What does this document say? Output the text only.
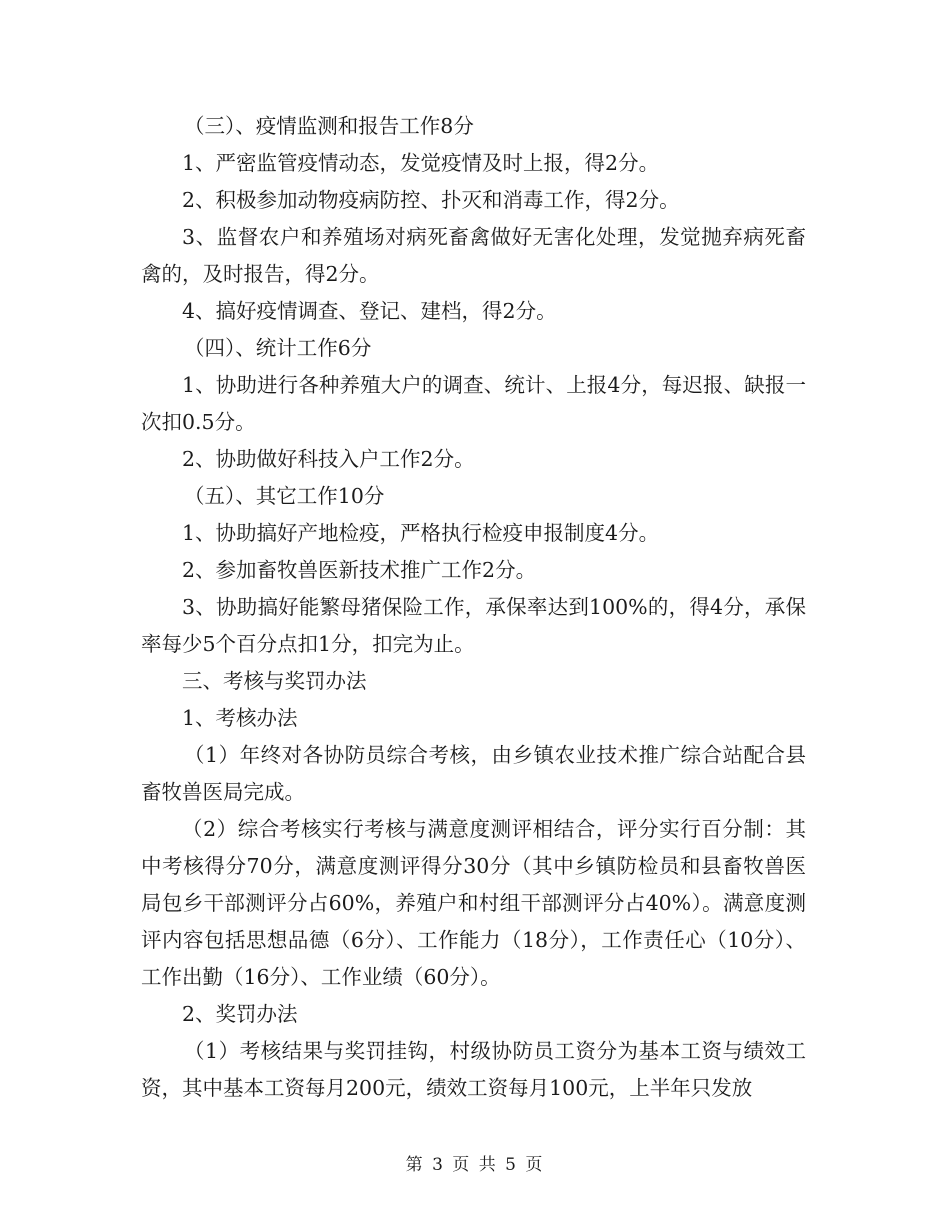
（三）、疫情监测和报告工作8分

1、严密监管疫情动态，发觉疫情及时上报，得2分。

2、积极参加动物疫病防控、扑灭和消毒工作，得2分。

3、监督农户和养殖场对病死畜禽做好无害化处理，发觉抛弃病死畜禽的，及时报告，得2分。

4、搞好疫情调查、登记、建档，得2分。

（四）、统计工作6分

1、协助进行各种养殖大户的调查、统计、上报4分，每迟报、缺报一次扣0.5分。

2、协助做好科技入户工作2分。

（五）、其它工作10分

1、协助搞好产地检疫，严格执行检疫申报制度4分。

2、参加畜牧兽医新技术推广工作2分。

3、协助搞好能繁母猪保险工作，承保率达到100%的，得4分，承保率每少5个百分点扣1分，扣完为止。

三、考核与奖罚办法

1、考核办法

（1）年终对各协防员综合考核，由乡镇农业技术推广综合站配合县畜牧兽医局完成。

（2）综合考核实行考核与满意度测评相结合，评分实行百分制：其中考核得分70分，满意度测评得分30分（其中乡镇防检员和县畜牧兽医局包乡干部测评分占60%，养殖户和村组干部测评分占40%）。满意度测评内容包括思想品德（6分）、工作能力（18分），工作责任心（10分）、工作出勤（16分）、工作业绩（60分）。

2、奖罚办法

（1）考核结果与奖罚挂钩，村级协防员工资分为基本工资与绩效工资，其中基本工资每月200元，绩效工资每月100元，上半年只发放

第 3 页 共 5 页
